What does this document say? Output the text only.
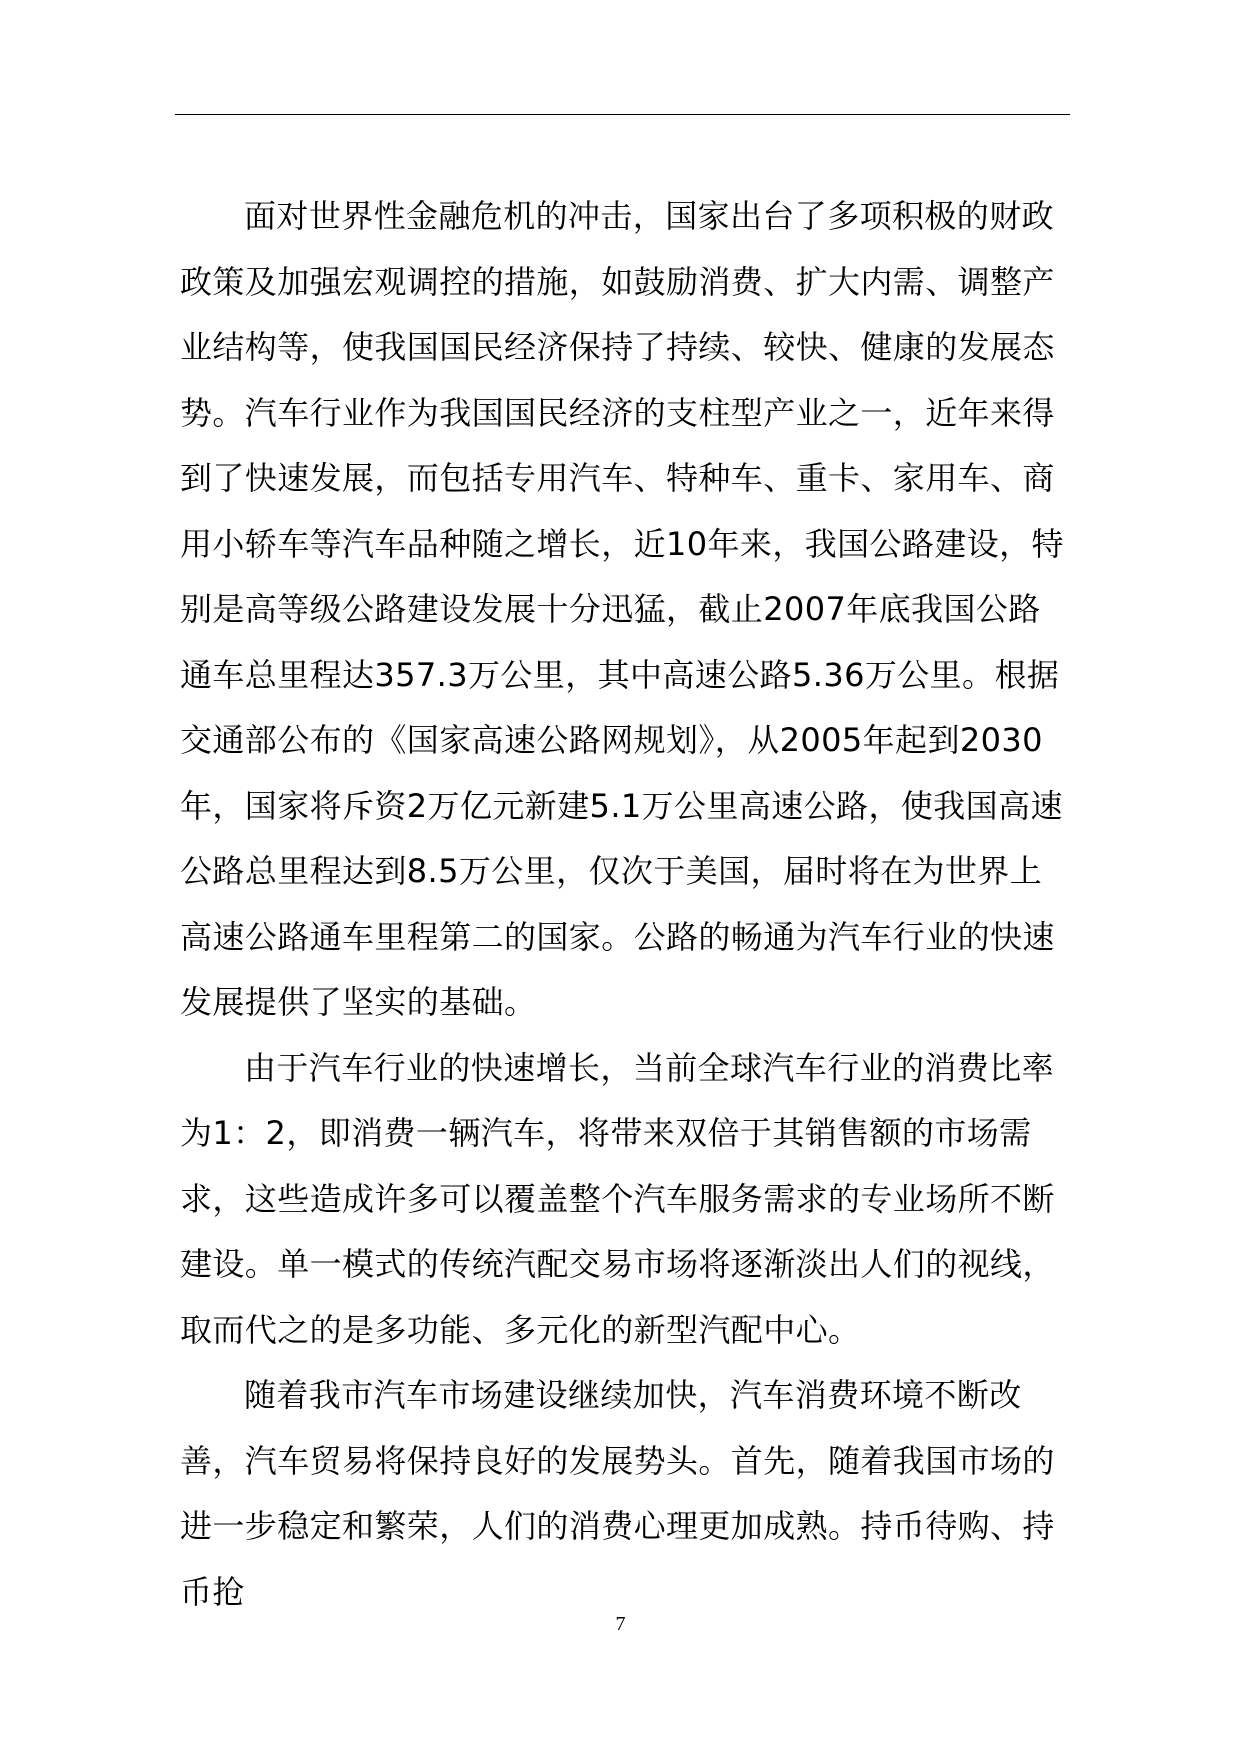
面对世界性金融危机的冲击，国家出台了多项积极的财政政策及加强宏观调控的措施，如鼓励消费、扩大内需、调整产业结构等，使我国国民经济保持了持续、较快、健康的发展态势。汽车行业作为我国国民经济的支柱型产业之一，近年来得到了快速发展，而包括专用汽车、特种车、重卡、家用车、商用小轿车等汽车品种随之增长，近10年来，我国公路建设，特别是高等级公路建设发展十分迅猛，截止2007年底我国公路通车总里程达357.3万公里，其中高速公路5.36万公里。根据交通部公布的《国家高速公路网规划》，从2005年起到2030年，国家将斥资2万亿元新建5.1万公里高速公路，使我国高速公路总里程达到8.5万公里，仅次于美国，届时将在为世界上高速公路通车里程第二的国家。公路的畅通为汽车行业的快速发展提供了坚实的基础。

由于汽车行业的快速增长，当前全球汽车行业的消费比率为1：2，即消费一辆汽车，将带来双倍于其销售额的市场需求，这些造成许多可以覆盖整个汽车服务需求的专业场所不断建设。单一模式的传统汽配交易市场将逐渐淡出人们的视线，取而代之的是多功能、多元化的新型汽配中心。

随着我市汽车市场建设继续加快，汽车消费环境不断改善，汽车贸易将保持良好的发展势头。首先，随着我国市场的进一步稳定和繁荣，人们的消费心理更加成熟。持币待购、持币抢

7
